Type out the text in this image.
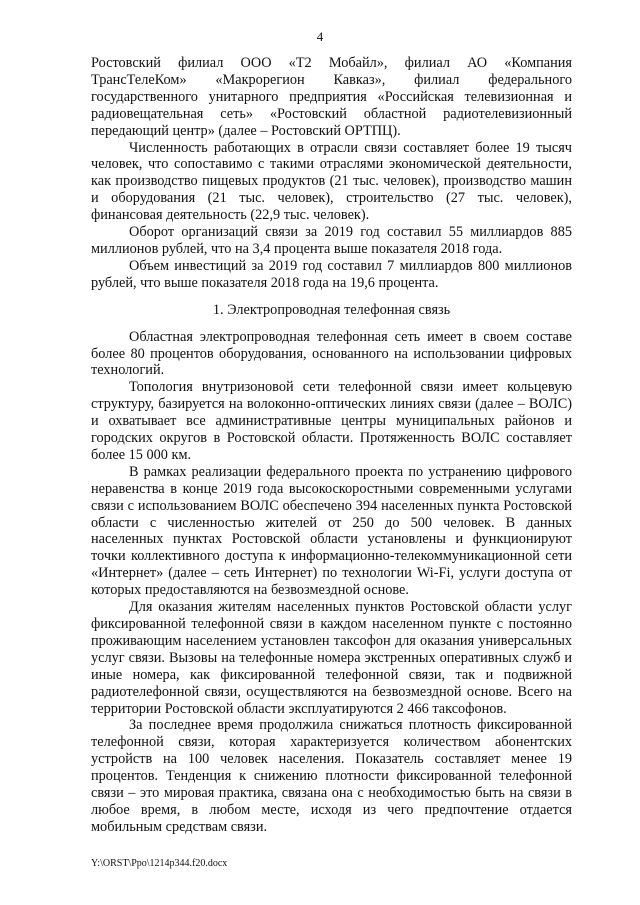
4

Ростовский филиал ООО «Т2 Мобайл», филиал АО «Компания ТрансТелеКом» «Макрорегион Кавказ», филиал федерального государственного унитарного предприятия «Российская телевизионная и радиовещательная сеть» «Ростовский областной радиотелевизионный передающий центр» (далее – Ростовский ОРТПЦ).

Численность работающих в отрасли связи составляет более 19 тысяч человек, что сопоставимо с такими отраслями экономической деятельности, как производство пищевых продуктов (21 тыс. человек), производство машин и оборудования (21 тыс. человек), строительство (27 тыс. человек), финансовая деятельность (22,9 тыс. человек).

Оборот организаций связи за 2019 год составил 55 миллиардов 885 миллионов рублей, что на 3,4 процента выше показателя 2018 года.

Объем инвестиций за 2019 год составил 7 миллиардов 800 миллионов рублей, что выше показателя 2018 года на 19,6 процента.

1. Электропроводная телефонная связь

Областная электропроводная телефонная сеть имеет в своем составе более 80 процентов оборудования, основанного на использовании цифровых технологий.

Топология внутризоновой сети телефонной связи имеет кольцевую структуру, базируется на волоконно-оптических линиях связи (далее – ВОЛС) и охватывает все административные центры муниципальных районов и городских округов в Ростовской области. Протяженность ВОЛС составляет более 15 000 км.

В рамках реализации федерального проекта по устранению цифрового неравенства в конце 2019 года высокоскоростными современными услугами связи с использованием ВОЛС обеспечено 394 населенных пункта Ростовской области с численностью жителей от 250 до 500 человек. В данных населенных пунктах Ростовской области установлены и функционируют точки коллективного доступа к информационно-телекоммуникационной сети «Интернет» (далее – сеть Интернет) по технологии Wi-Fi, услуги доступа от которых предоставляются на безвозмездной основе.

Для оказания жителям населенных пунктов Ростовской области услуг фиксированной телефонной связи в каждом населенном пункте с постоянно проживающим населением установлен таксофон для оказания универсальных услуг связи. Вызовы на телефонные номера экстренных оперативных служб и иные номера, как фиксированной телефонной связи, так и подвижной радиотелефонной связи, осуществляются на безвозмездной основе. Всего на территории Ростовской области эксплуатируются 2 466 таксофонов.

За последнее время продолжила снижаться плотность фиксированной телефонной связи, которая характеризуется количеством абонентских устройств на 100 человек населения. Показатель составляет менее 19 процентов. Тенденция к снижению плотности фиксированной телефонной связи – это мировая практика, связана она с необходимостью быть на связи в любое время, в любом месте, исходя из чего предпочтение отдается мобильным средствам связи.

Y:\ORST\Ppo\1214p344.f20.docx
